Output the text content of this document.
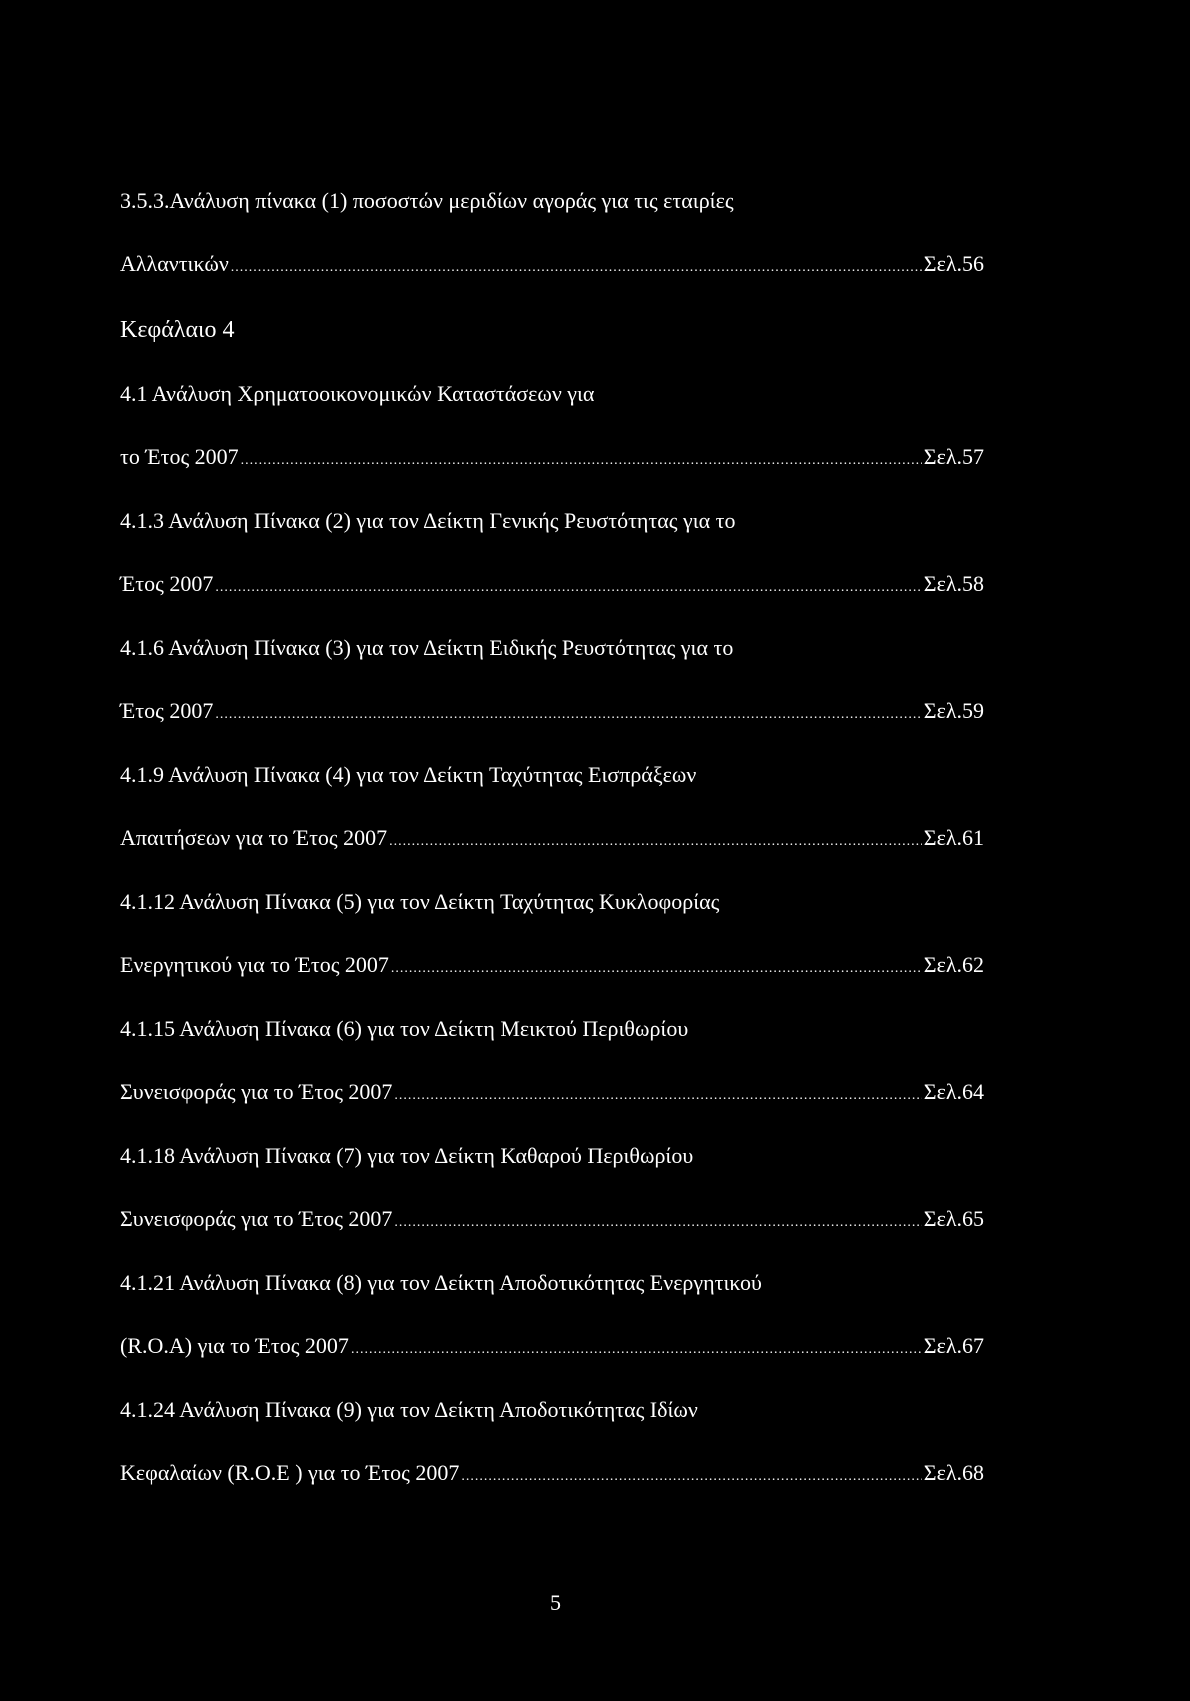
3.5.3.Ανάλυση πίνακα (1) ποσοστών μεριδίων αγοράς για τις εταιρίες
Αλλαντικών .....	Σελ.56
Κεφάλαιο 4
4.1 Ανάλυση Χρηματοοικονομικών Καταστάσεων για
το Έτος 2007 .....	Σελ.57
4.1.3 Ανάλυση Πίνακα (2) για τον Δείκτη Γενικής Ρευστότητας για το
Έτος 2007 .....	Σελ.58
4.1.6 Ανάλυση Πίνακα (3) για τον Δείκτη Ειδικής Ρευστότητας για το
Έτος 2007 .....	Σελ.59
4.1.9 Ανάλυση Πίνακα (4) για τον Δείκτη Ταχύτητας Εισπράξεων
Απαιτήσεων για το Έτος 2007 .....	Σελ.61
4.1.12 Ανάλυση Πίνακα (5) για τον Δείκτη Ταχύτητας Κυκλοφορίας
Ενεργητικού για το Έτος 2007 .....	Σελ.62
4.1.15 Ανάλυση Πίνακα (6) για τον Δείκτη Μεικτού Περιθωρίου
Συνεισφοράς για το Έτος 2007 .....	Σελ.64
4.1.18 Ανάλυση Πίνακα (7) για τον Δείκτη Καθαρού Περιθωρίου
Συνεισφοράς για το Έτος 2007 .....	Σελ.65
4.1.21 Ανάλυση Πίνακα (8) για τον Δείκτη Αποδοτικότητας Ενεργητικού
(R.O.A) για το Έτος 2007 .....	Σελ.67
4.1.24 Ανάλυση Πίνακα (9) για τον Δείκτη Αποδοτικότητας Ιδίων
Κεφαλαίων (R.O.E ) για το Έτος 2007 .....	Σελ.68
5
